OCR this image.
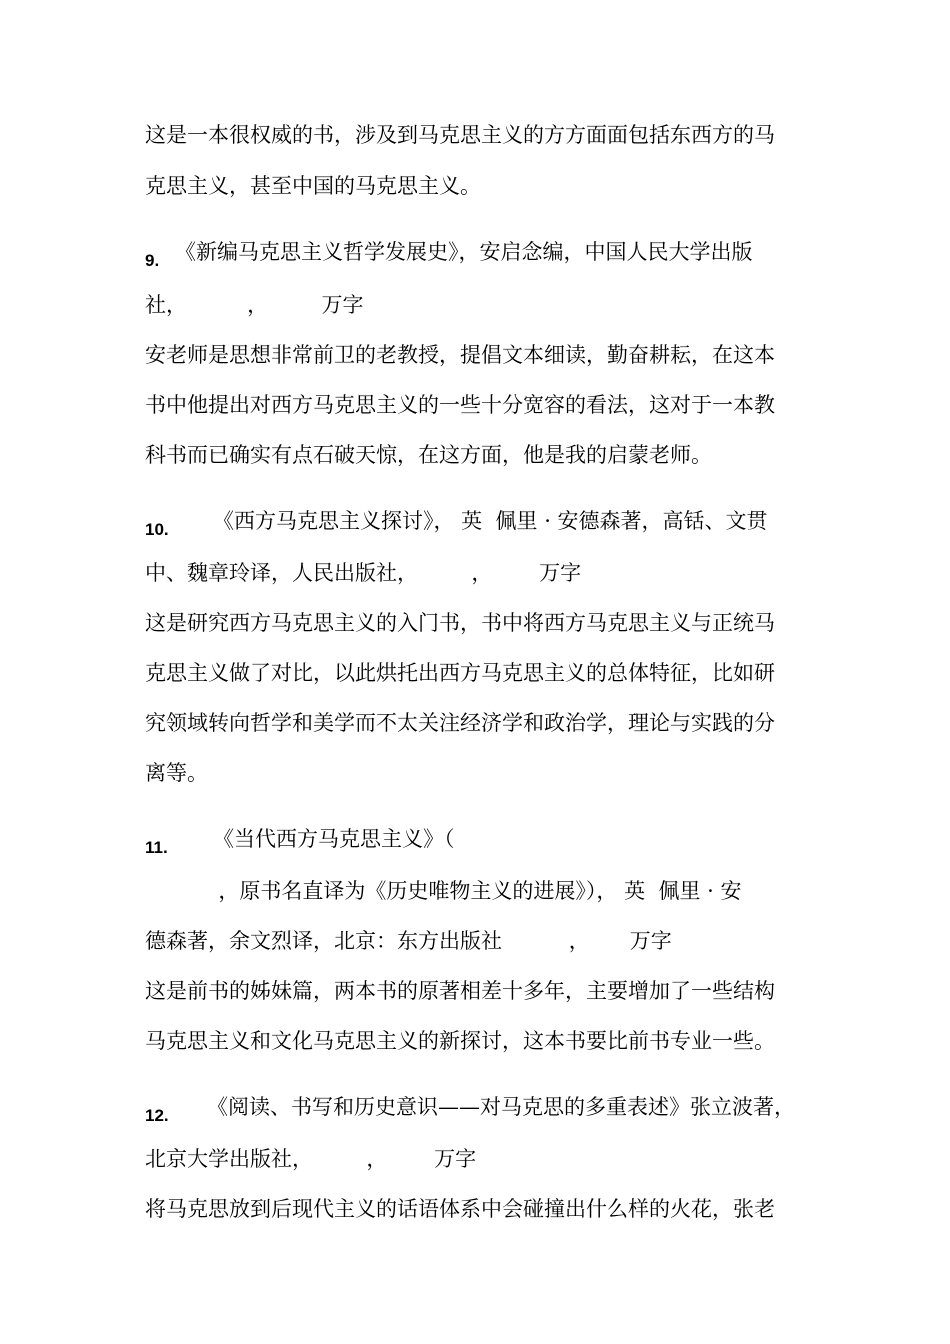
这是一本很权威的书，涉及到马克思主义的方方面面包括东西方的马
克思主义，甚至中国的马克思主义。
9. 《新编马克思主义哲学发展史》，安启念编，中国人民大学出版
社，         ，        万字
安老师是思想非常前卫的老教授，提倡文本细读，勤奋耕耘，在这本
书中他提出对西方马克思主义的一些十分宽容的看法，这对于一本教
科书而已确实有点石破天惊，在这方面，他是我的启蒙老师。
10. 《西方马克思主义探讨》， 英  佩里 · 安德森著，高铦、文贯
中、魏章玲译，人民出版社，        ，       万字
这是研究西方马克思主义的入门书，书中将西方马克思主义与正统马
克思主义做了对比，以此烘托出西方马克思主义的总体特征，比如研
究领域转向哲学和美学而不太关注经济学和政治学，理论与实践的分
离等。
11. 《当代西方马克思主义》（
，原书名直译为《历史唯物主义的进展》）， 英  佩里 · 安
德森著，余文烈译，北京：东方出版社          ，      万字
这是前书的姊妹篇，两本书的原著相差十多年，主要增加了一些结构
马克思主义和文化马克思主义的新探讨，这本书要比前书专业一些。
12. 《阅读、书写和历史意识——对马克思的多重表述》张立波著，
北京大学出版社，        ，       万字
将马克思放到后现代主义的话语体系中会碰撞出什么样的火花，张老
